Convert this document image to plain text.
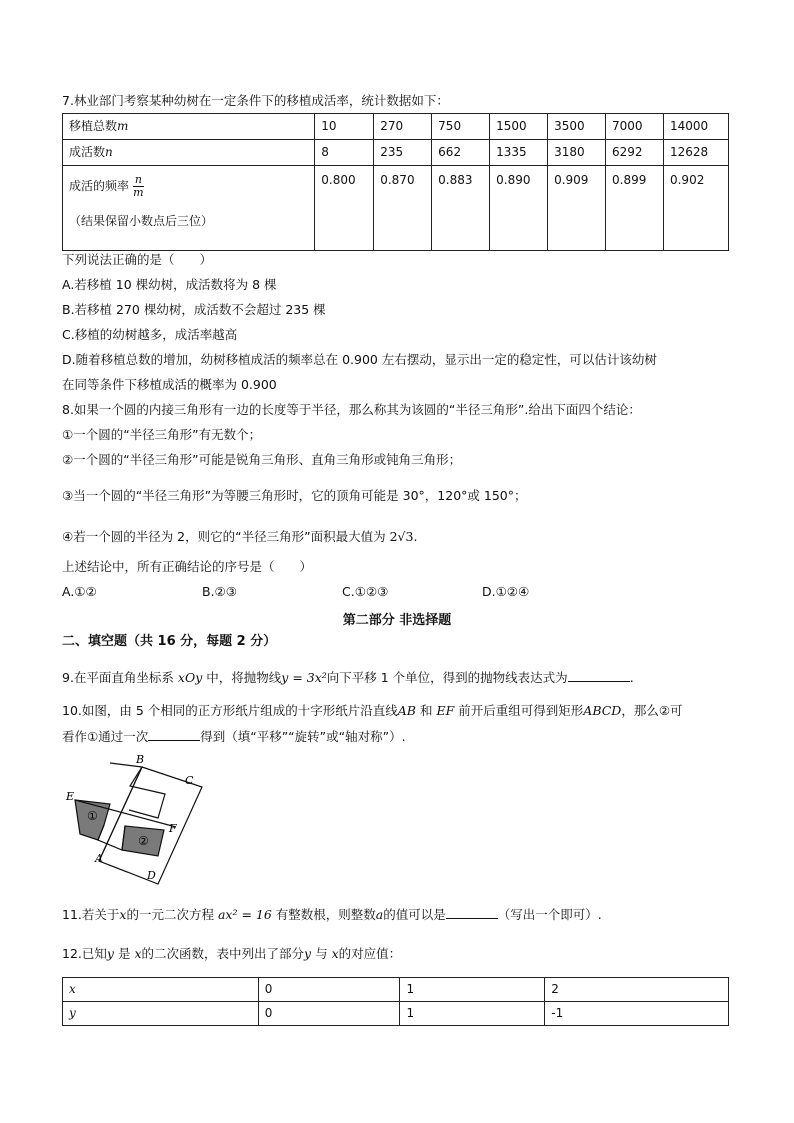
7.林业部门考察某种幼树在一定条件下的移植成活率，统计数据如下：
移植总数m	10	270	750	1500	3500	7000	14000
成活数n	8	235	662	1335	3180	6292	12628

成活的频率 $\frac{n}{m}$
（结果保留小数点后三位）	0.800	0.870	0.883	0.890	0.909	0.899	0.902
下列说法正确的是（　　）
A.若移植 10 棵幼树，成活数将为 8 棵
B.若移植 270 棵幼树，成活数不会超过 235 棵
C.移植的幼树越多，成活率越高
D.随着移植总数的增加，幼树移植成活的频率总在 0.900 左右摆动，显示出一定的稳定性，可以估计该幼树
在同等条件下移植成活的概率为 0.900
8.如果一个圆的内接三角形有一边的长度等于半径，那么称其为该圆的“半径三角形”.给出下面四个结论：
①一个圆的“半径三角形”有无数个；
②一个圆的“半径三角形”可能是锐角三角形、直角三角形或钝角三角形；
③当一个圆的“半径三角形”为等腰三角形时，它的顶角可能是 30°，120°或 150°；
④若一个圆的半径为 2，则它的“半径三角形”面积最大值为 2√3.
上述结论中，所有正确结论的序号是（　　）
A.①②	B.②③	C.①②③	D.①②④
第二部分 非选择题
二、填空题（共 16 分，每题 2 分）
9.在平面直角坐标系 xOy 中，将抛物线y = 3x²向下平移 1 个单位，得到的抛物线表达式为	.
10.如图，由 5 个相同的正方形纸片组成的十字形纸片沿直线AB 和 EF 前开后重组可得到矩形ABCD，那么②可
看作①通过一次	得到（填“平移”“旋转”或“轴对称”）.
B
C
E
F
A
D
①
②
11.若关于x的一元二次方程 ax² = 16 有整数根，则整数a的值可以是	（写出一个即可）.
12.已知y 是 x的二次函数，表中列出了部分y 与 x的对应值：
x	0	1	2
y	0	1	-1
